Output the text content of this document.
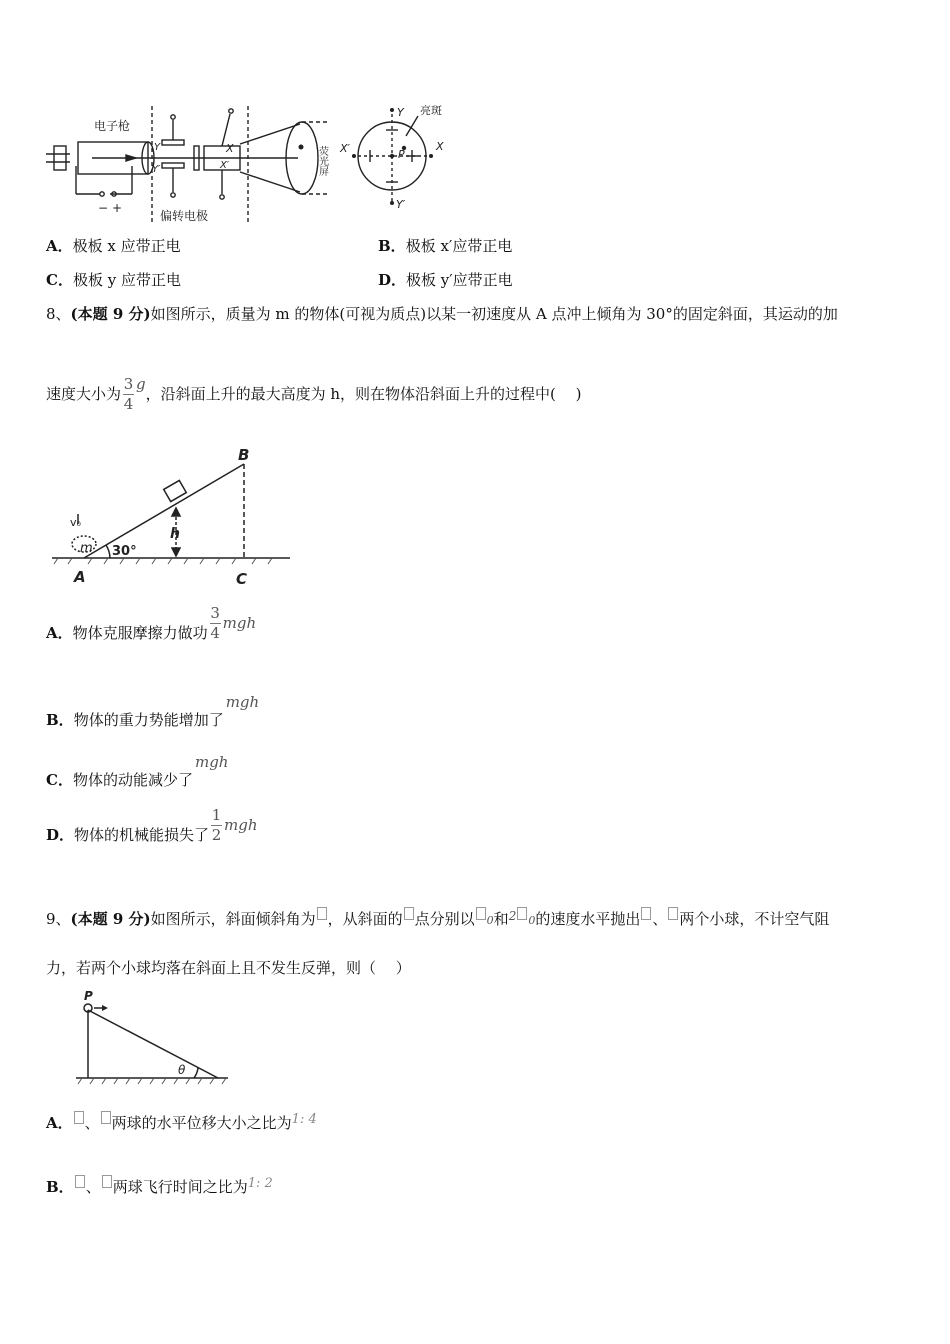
电子枪
− +
偏转电极
Y
Y′
X
X′	荧光屏
Y
Y′
X′	X
P
亮斑
A．极板 x 应带正电	B．极板 x′应带正电
C．极板 y 应带正电	D．极板 y′应带正电
8、(本题 9 分)如图所示，质量为 m 的物体(可视为质点)以某一初速度从 A 点冲上倾角为 30°的固定斜面，其运动的加
速度大小为 $\frac{3}{4}$ g
，沿斜面上升的最大高度为 h，则在物体沿斜面上升的过程中(　 )
A	C
B
h
30°
m
v₀
A． 物体克服摩擦力做功 $\frac{3}{4}$ mgh
B． 物体的重力势能增加了
mgh
C． 物体的动能减少了
mgh
D． 物体的机械能损失了 $\frac{1}{2}$ mgh
9、(本题 9 分)如图所示，斜面倾斜角为 ，从斜面的 点分别以 0和$^2$ 0的速度水平抛出 、 两个小球，不计空气阻
力，若两个小球均落在斜面上且不发生反弹，则（　 ）
P
θ
A． 、 两球的水平位移大小之比为1: 4
B． 、 两球飞行时间之比为1: 2
